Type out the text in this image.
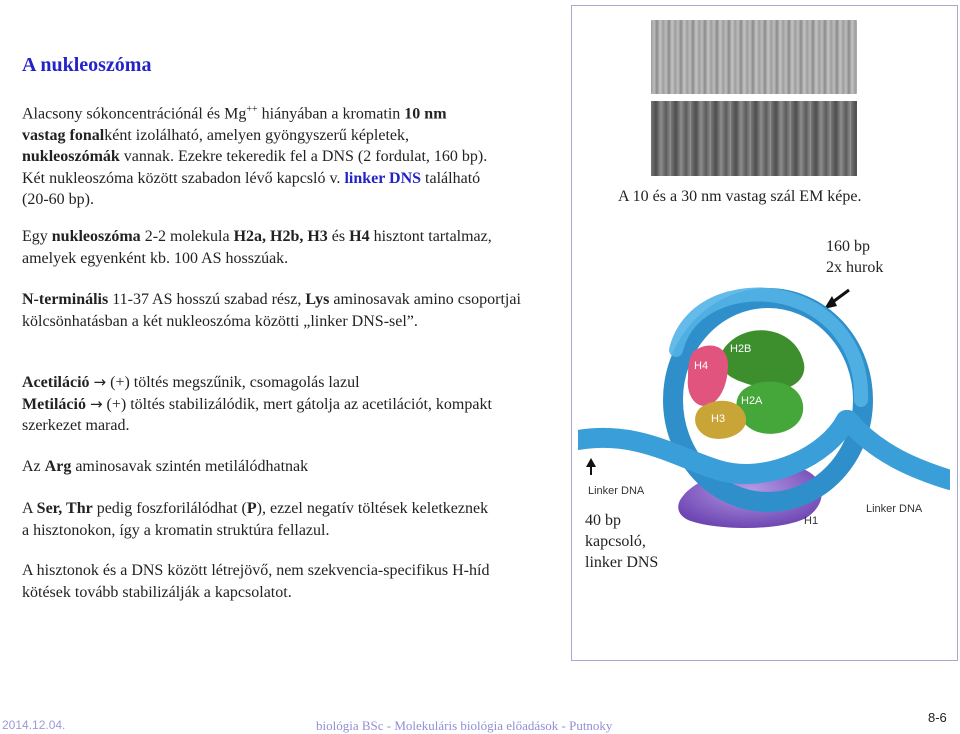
A nukleoszóma
Alacsony sókoncentrációnál és Mg++ hiányában a kromatin 10 nm vastag fonalként izolálható, amelyen gyöngyszerű képletek, nukleoszómák vannak. Ezekre tekeredik fel a DNS (2 fordulat, 160 bp). Két nukleoszóma között szabadon lévő kapcsló v. linker DNS található (20-60 bp).
Egy nukleoszóma 2-2 molekula H2a, H2b, H3 és H4 hisztont tartalmaz, amelyek egyenként kb. 100 AS hosszúak.
N-terminális 11-37 AS hosszú szabad rész, Lys aminosavak amino csoportjai kölcsönhatásban a két nukleoszóma közötti „linker DNS-sel”.
Acetiláció → (+) töltés megszűnik, csomagolás lazul
Metiláció → (+) töltés stabilizálódik, mert gátolja az acetilációt, kompakt szerkezet marad.
Az Arg aminosavak szintén metilálódhatnak
A Ser, Thr pedig foszforilálódhat (P), ezzel negatív töltések keletkeznek a hisztonokon, így a kromatin struktúra fellazul.
A hisztonok és a DNS között létrejövő, nem szekvencia-specifikus H-híd kötések tovább stabilizálják a kapcsolatot.
A 10 és a 30 nm vastag szál EM képe.
160 bp
2x hurok
H2B
H4
H2A
H3
H1
Linker DNA
Linker DNA
40 bp
kapcsoló,
linker DNS
2014.12.04.	biológia BSc - Molekuláris biológia előadások - Putnoky
8-6
